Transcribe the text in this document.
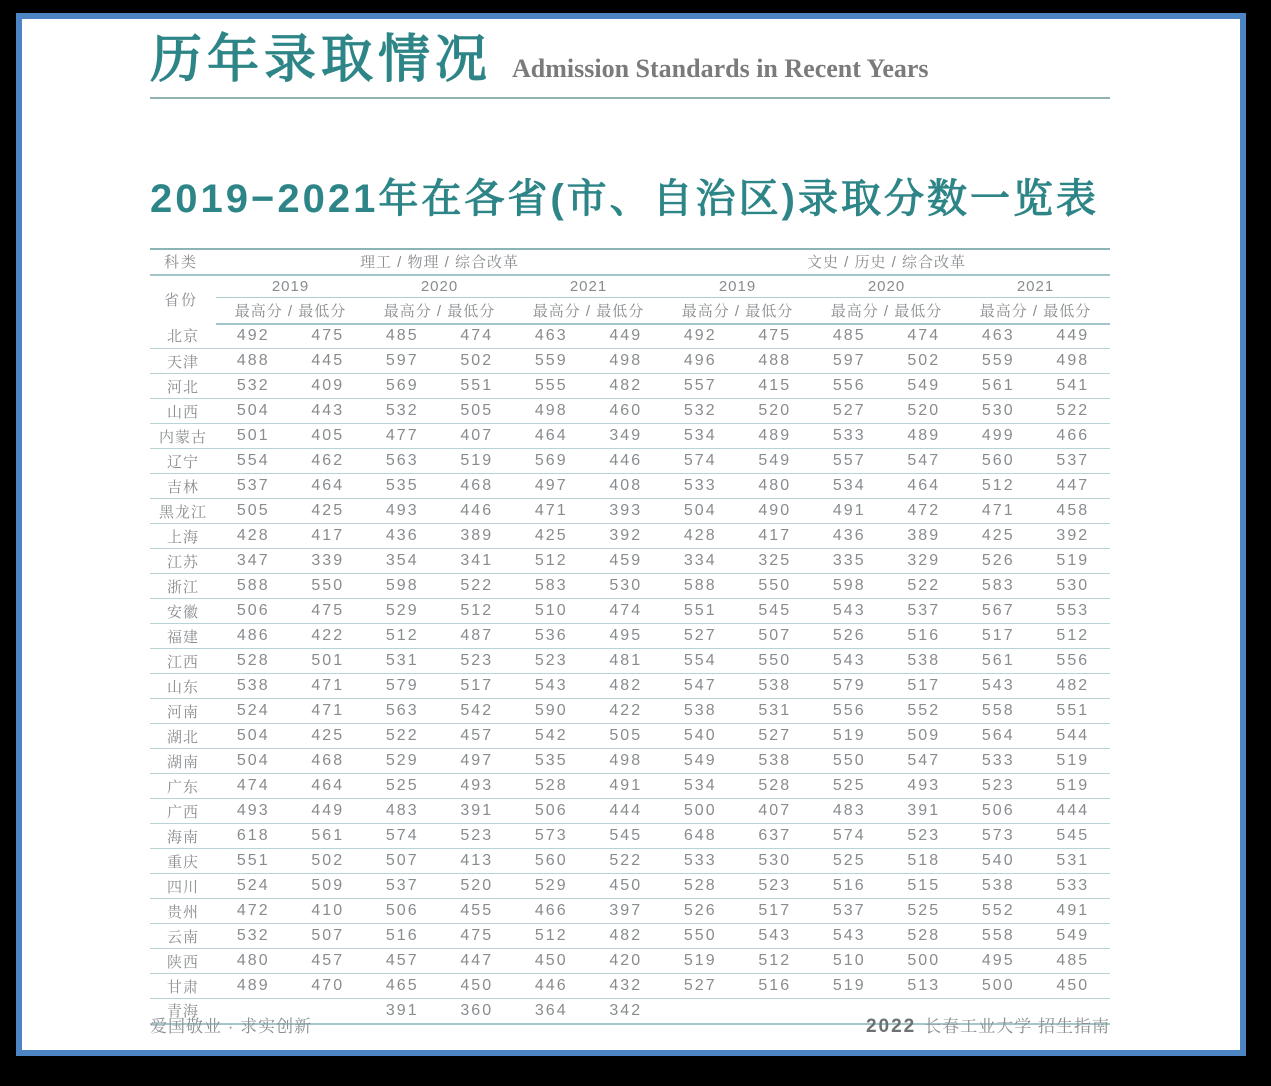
历年录取情况 Admission Standards in Recent Years
2019−2021年在各省(市、自治区)录取分数一览表
科类	理工 / 物理 / 综合改革						文史 / 历史 / 综合改革					
省份	2019		2020		2021		2019		2020		2021	
	最高分 / 最低分		最高分 / 最低分		最高分 / 最低分		最高分 / 最低分		最高分 / 最低分		最高分 / 最低分	
北京	492	475	485	474	463	449	492	475	485	474	463	449
天津	488	445	597	502	559	498	496	488	597	502	559	498
河北	532	409	569	551	555	482	557	415	556	549	561	541
山西	504	443	532	505	498	460	532	520	527	520	530	522
内蒙古	501	405	477	407	464	349	534	489	533	489	499	466
辽宁	554	462	563	519	569	446	574	549	557	547	560	537
吉林	537	464	535	468	497	408	533	480	534	464	512	447
黑龙江	505	425	493	446	471	393	504	490	491	472	471	458
上海	428	417	436	389	425	392	428	417	436	389	425	392
江苏	347	339	354	341	512	459	334	325	335	329	526	519
浙江	588	550	598	522	583	530	588	550	598	522	583	530
安徽	506	475	529	512	510	474	551	545	543	537	567	553
福建	486	422	512	487	536	495	527	507	526	516	517	512
江西	528	501	531	523	523	481	554	550	543	538	561	556
山东	538	471	579	517	543	482	547	538	579	517	543	482
河南	524	471	563	542	590	422	538	531	556	552	558	551
湖北	504	425	522	457	542	505	540	527	519	509	564	544
湖南	504	468	529	497	535	498	549	538	550	547	533	519
广东	474	464	525	493	528	491	534	528	525	493	523	519
广西	493	449	483	391	506	444	500	407	483	391	506	444
海南	618	561	574	523	573	545	648	637	574	523	573	545
重庆	551	502	507	413	560	522	533	530	525	518	540	531
四川	524	509	537	520	529	450	528	523	516	515	538	533
贵州	472	410	506	455	466	397	526	517	537	525	552	491
云南	532	507	516	475	512	482	550	543	543	528	558	549
陕西	480	457	457	447	450	420	519	512	510	500	495	485
甘肃	489	470	465	450	446	432	527	516	519	513	500	450
青海			391	360	364	342						
爱国敬业 · 求实创新	2022 长春工业大学 招生指南
